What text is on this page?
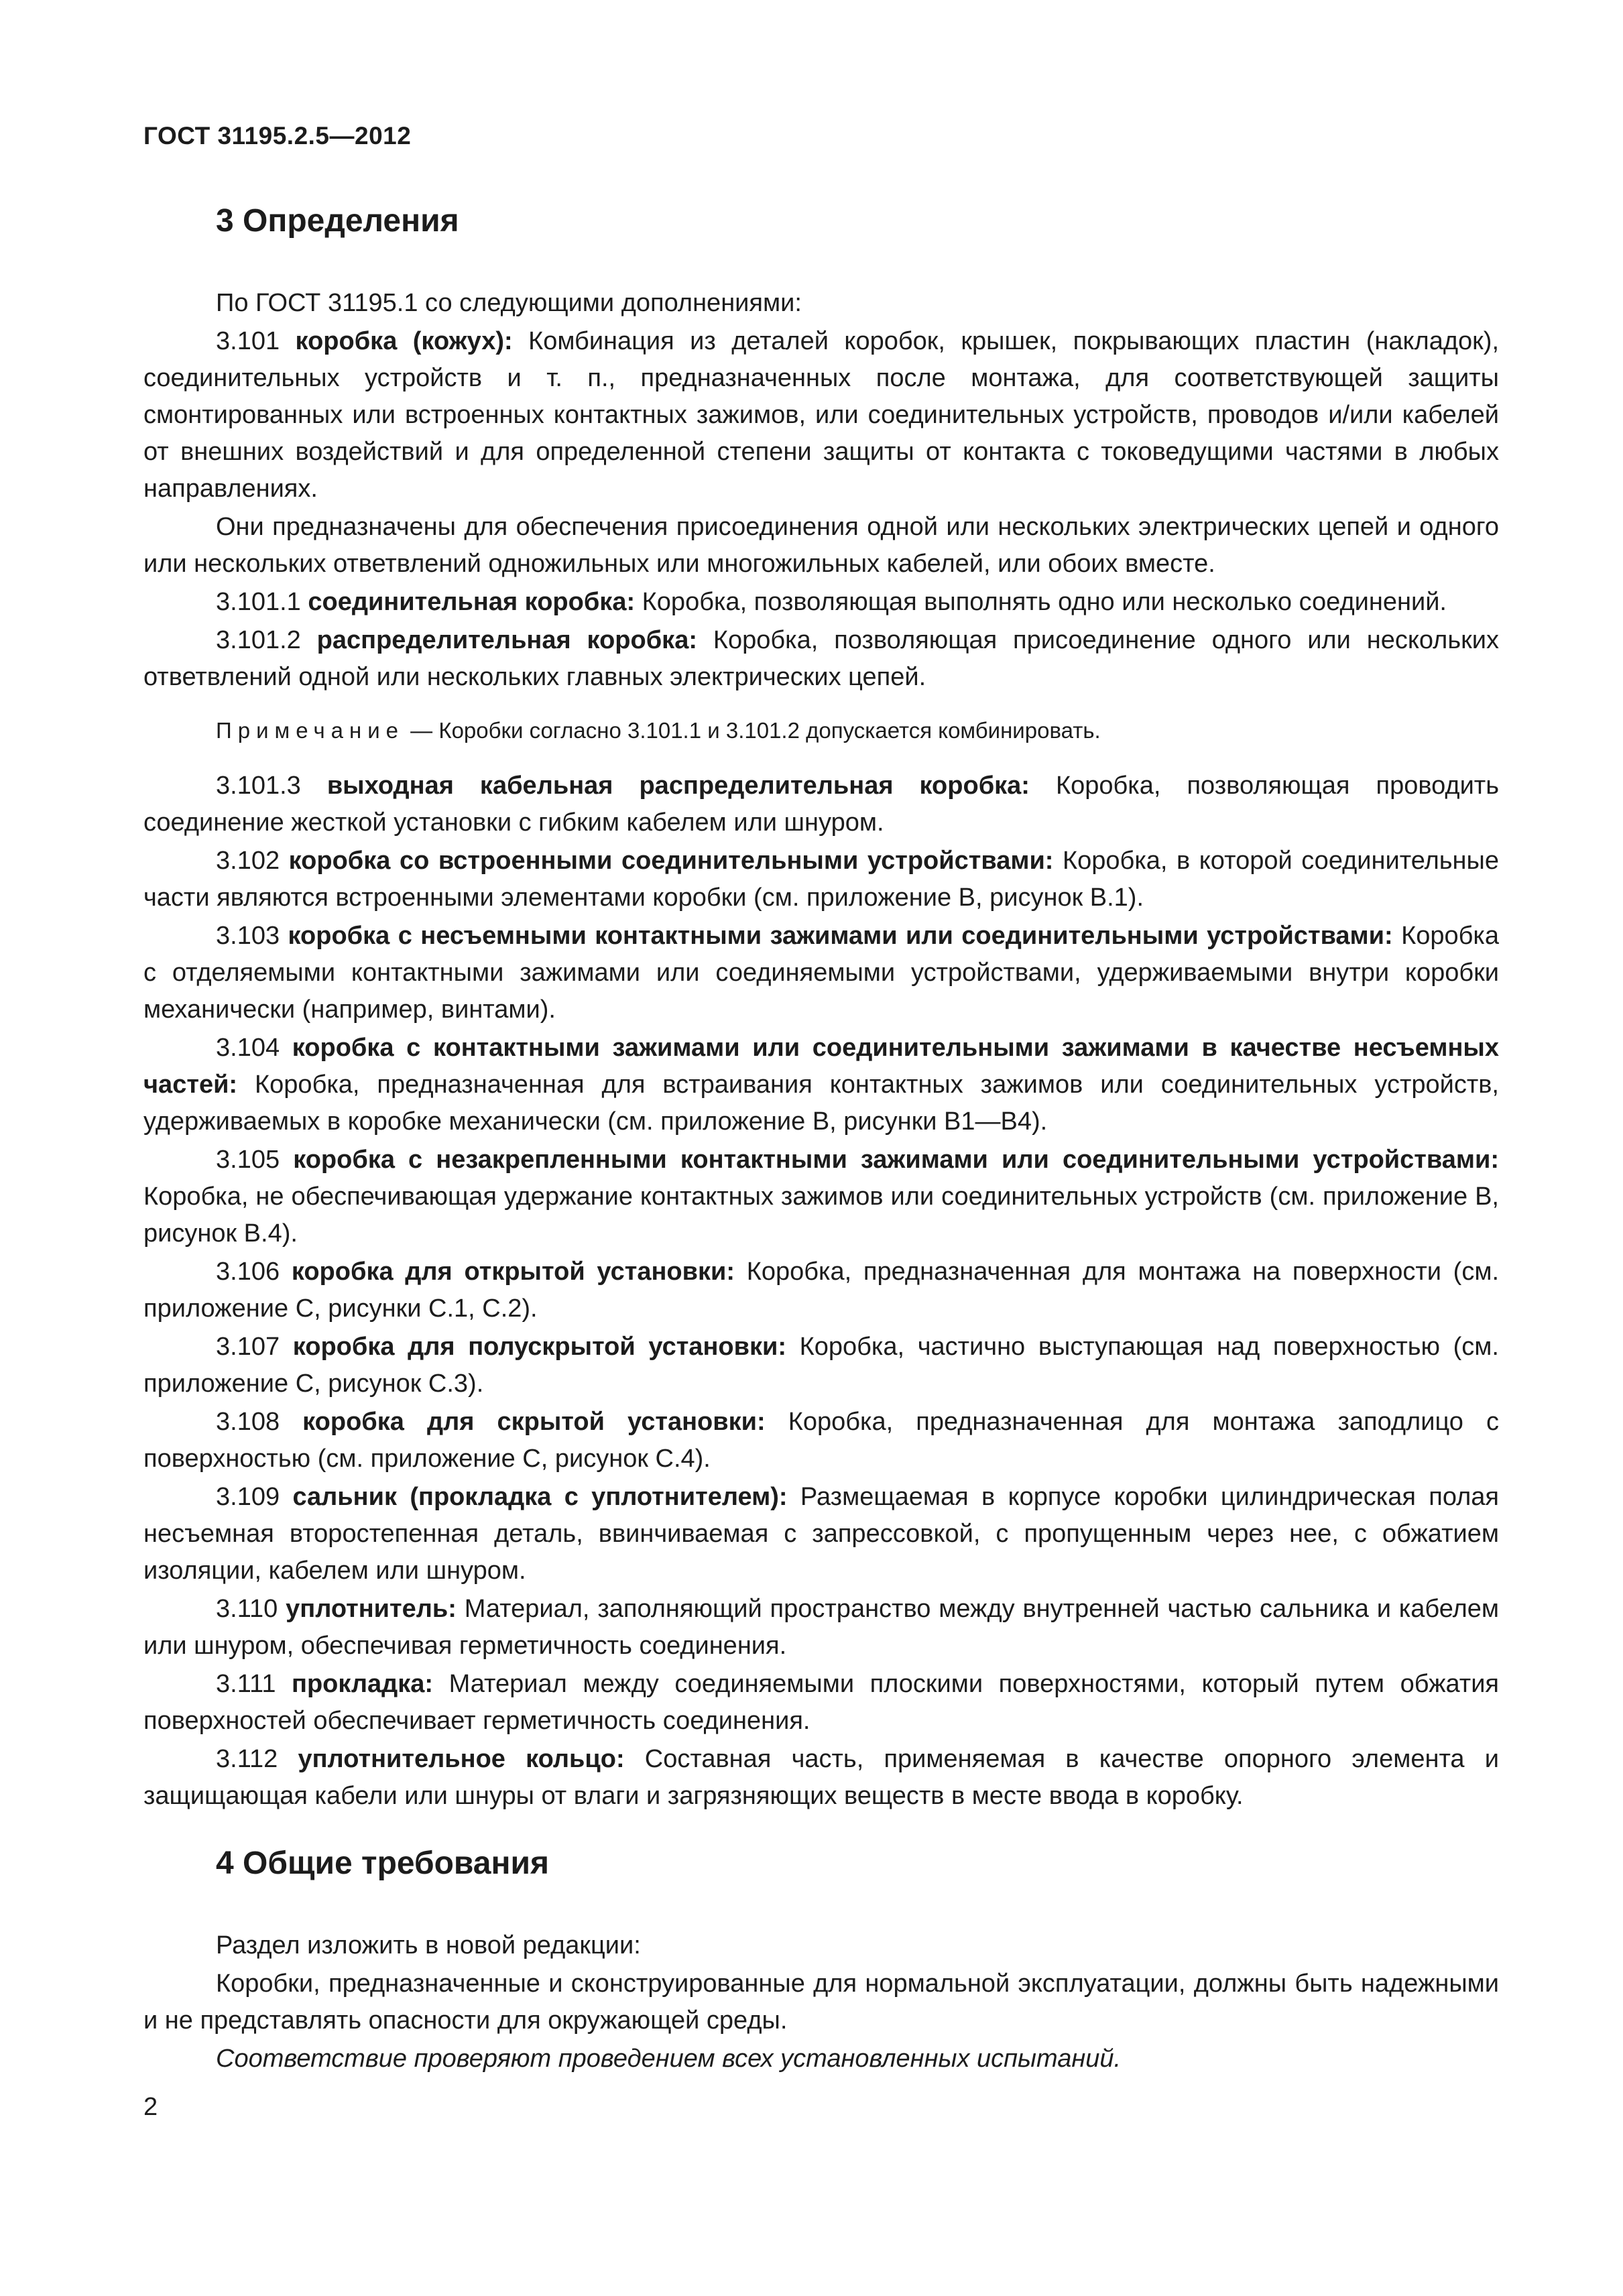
ГОСТ 31195.2.5—2012
3 Определения

По ГОСТ 31195.1 со следующими дополнениями:

3.101 коробка (кожух): Комбинация из деталей коробок, крышек, покрывающих пластин (накладок), соединительных устройств и т. п., предназначенных после монтажа, для соответствующей защиты смонтированных или встроенных контактных зажимов, или соединительных устройств, проводов и/или кабелей от внешних воздействий и для определенной степени защиты от контакта с токоведущими частями в любых направлениях.

Они предназначены для обеспечения присоединения одной или нескольких электрических цепей и одного или нескольких ответвлений одножильных или многожильных кабелей, или обоих вместе.

3.101.1 соединительная коробка: Коробка, позволяющая выполнять одно или несколько соединений.

3.101.2 распределительная коробка: Коробка, позволяющая присоединение одного или нескольких ответвлений одной или нескольких главных электрических цепей.

Примечание — Коробки согласно 3.101.1 и 3.101.2 допускается комбинировать.

3.101.3 выходная кабельная распределительная коробка: Коробка, позволяющая проводить соединение жесткой установки с гибким кабелем или шнуром.

3.102 коробка со встроенными соединительными устройствами: Коробка, в которой соединительные части являются встроенными элементами коробки (см. приложение В, рисунок В.1).

3.103 коробка с несъемными контактными зажимами или соединительными устройствами: Коробка с отделяемыми контактными зажимами или соединяемыми устройствами, удерживаемыми внутри коробки механически (например, винтами).

3.104 коробка с контактными зажимами или соединительными зажимами в качестве несъемных частей: Коробка, предназначенная для встраивания контактных зажимов или соединительных устройств, удерживаемых в коробке механически (см. приложение В, рисунки В1—В4).

3.105 коробка с незакрепленными контактными зажимами или соединительными устройствами: Коробка, не обеспечивающая удержание контактных зажимов или соединительных устройств (см. приложение В, рисунок В.4).

3.106 коробка для открытой установки: Коробка, предназначенная для монтажа на поверхности (см. приложение С, рисунки С.1, С.2).

3.107 коробка для полускрытой установки: Коробка, частично выступающая над поверхностью (см. приложение С, рисунок С.3).

3.108 коробка для скрытой установки: Коробка, предназначенная для монтажа заподлицо с поверхностью (см. приложение С, рисунок С.4).

3.109 сальник (прокладка с уплотнителем): Размещаемая в корпусе коробки цилиндрическая полая несъемная второстепенная деталь, ввинчиваемая с запрессовкой, с пропущенным через нее, с обжатием изоляции, кабелем или шнуром.

3.110 уплотнитель: Материал, заполняющий пространство между внутренней частью сальника и кабелем или шнуром, обеспечивая герметичность соединения.

3.111 прокладка: Материал между соединяемыми плоскими поверхностями, который путем обжатия поверхностей обеспечивает герметичность соединения.

3.112 уплотнительное кольцо: Составная часть, применяемая в качестве опорного элемента и защищающая кабели или шнуры от влаги и загрязняющих веществ в месте ввода в коробку.

4 Общие требования

Раздел изложить в новой редакции:

Коробки, предназначенные и сконструированные для нормальной эксплуатации, должны быть надежными и не представлять опасности для окружающей среды.

Соответствие проверяют проведением всех установленных испытаний.

2
